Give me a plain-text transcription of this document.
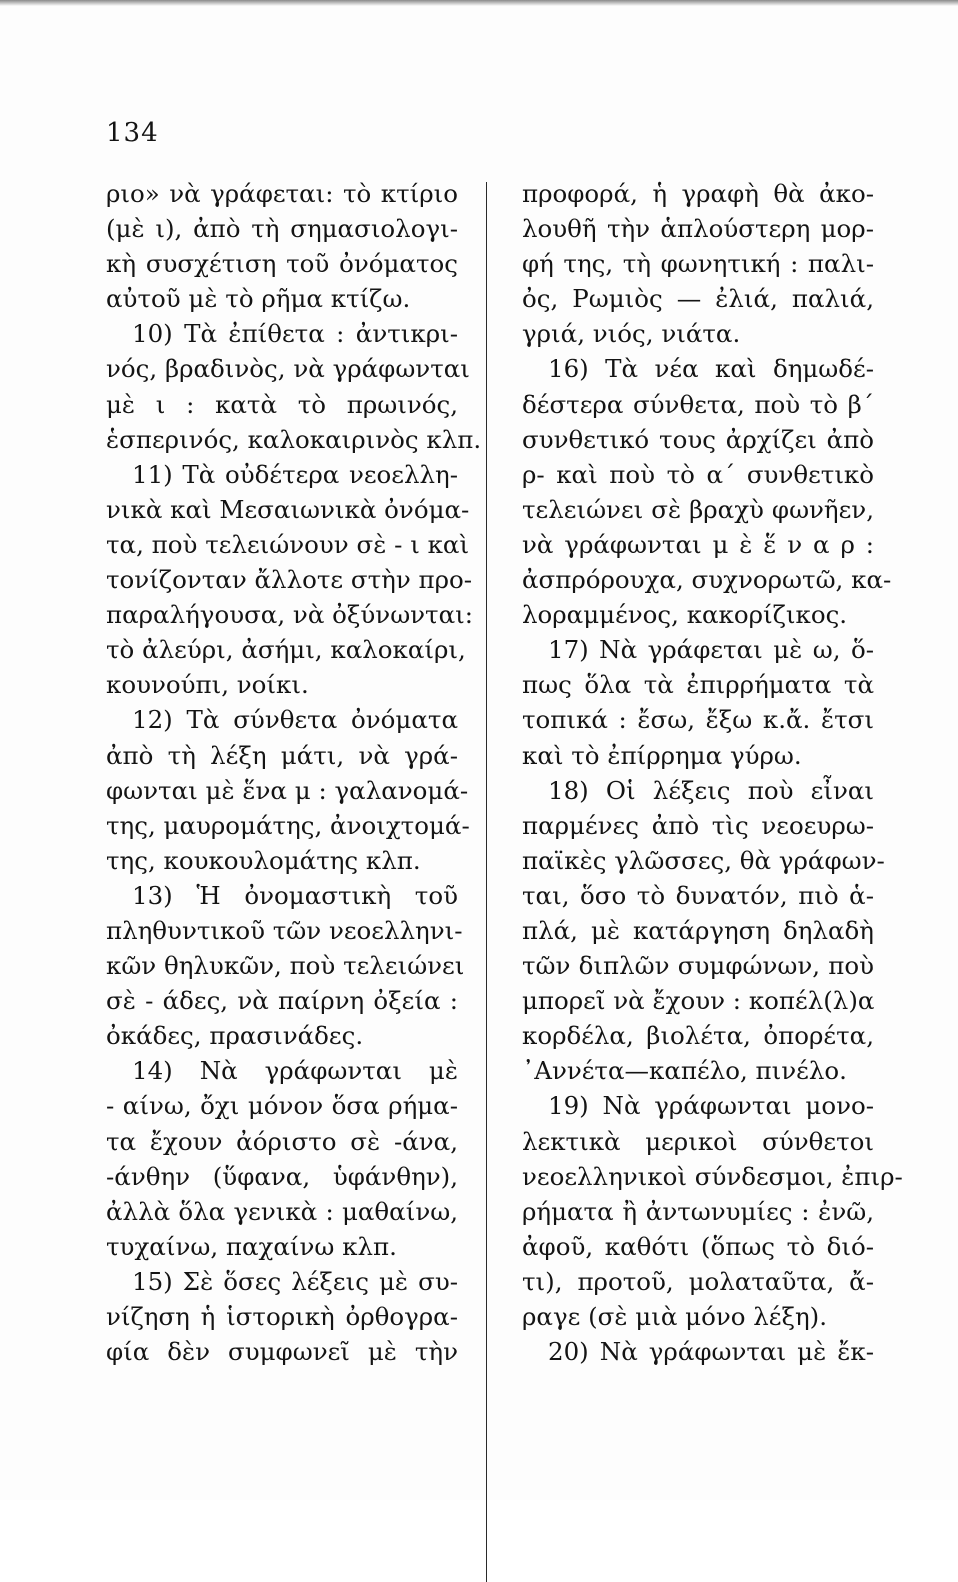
134
ριο» νὰ γράφεται: τὸ κτίριο
(μὲ ι), ἀπὸ τὴ σημασιολογι-
κὴ συσχέτιση τοῦ ὀνόματος
αὐτοῦ μὲ τὸ ρῆμα κτίζω.
10) Τὰ ἐπίθετα : ἀντικρι-
νός, βραδινὸς, νὰ γράφωνται
μὲ ι : κατὰ τὸ πρωινός,
ἑσπερινός, καλοκαιρινὸς κλπ.
11) Τὰ οὐδέτερα νεοελλη-
νικὰ καὶ Μεσαιωνικὰ ὀνόμα-
τα, ποὺ τελειώνουν σὲ - ι καὶ
τονίζονταν ἄλλοτε στὴν προ-
παραλήγουσα, νὰ ὀξύνωνται:
τὸ ἀλεύρι, ἀσήμι, καλοκαίρι,
κουνούπι, νοίκι.
12) Τὰ σύνθετα ὀνόματα
ἀπὸ τὴ λέξη μάτι, νὰ γρά-
φωνται μὲ ἕνα μ : γαλανομά-
της, μαυρομάτης, ἀνοιχτομά-
της, κουκουλομάτης κλπ.
13) Ἡ ὀνομαστικὴ τοῦ
πληθυντικοῦ τῶν νεοελληνι-
κῶν θηλυκῶν, ποὺ τελειώνει
σὲ - άδες, νὰ παίρνη ὀξεία :
ὀκάδες, πρασινάδες.
14) Νὰ γράφωνται μὲ
- αίνω, ὄχι μόνον ὅσα ρήμα-
τα ἔχουν ἀόριστο σὲ -άνα,
-άνθην (ὕφανα, ὑφάνθην),
ἀλλὰ ὅλα γενικὰ : μαθαίνω,
τυχαίνω, παχαίνω κλπ.
15) Σὲ ὅσες λέξεις μὲ συ-
νίζηση ἡ ἱστορικὴ ὀρθογρα-
φία δὲν συμφωνεῖ μὲ τὴν
προφορά, ἡ γραφὴ θὰ ἀκο-
λουθῆ τὴν ἁπλούστερη μορ-
φή της, τὴ φωνητική : παλι-
ὀς, Ρωμιὸς — ἐλιά, παλιά,
γριά, νιός, νιάτα.
16) Τὰ νέα καὶ δημωδέ-
δέστερα σύνθετα, ποὺ τὸ β΄
συνθετικό τους ἀρχίζει ἀπὸ
ρ- καὶ ποὺ τὸ α΄ συνθετικὸ
τελειώνει σὲ βραχὺ φωνῆεν,
νὰ γράφωνται μ ὲ ἕ ν α ρ :
ἀσπρόρουχα, συχνορωτῶ, κα-
λοραμμένος, κακορίζικος.
17) Νὰ γράφεται μὲ ω, ὅ-
πως ὅλα τὰ ἐπιρρήματα τὰ
τοπικά : ἔσω, ἔξω κ.ἄ. ἔτσι
καὶ τὸ ἐπίρρημα γύρω.
18) Οἱ λέξεις ποὺ εἶναι
παρμένες ἀπὸ τὶς νεοευρω-
παϊκὲς γλῶσσες, θὰ γράφων-
ται, ὅσο τὸ δυνατόν, πιὸ ἁ-
πλά, μὲ κατάργηση δηλαδὴ
τῶν διπλῶν συμφώνων, ποὺ
μπορεῖ νὰ ἔχουν : κοπέλ(λ)α
κορδέλα, βιολέτα, ὀπορέτα,
᾿Αννέτα—καπέλο, πινέλο.
19) Νὰ γράφωνται μονο-
λεκτικὰ μερικοὶ σύνθετοι
νεοελληνικοὶ σύνδεσμοι, ἐπιρ-
ρήματα ἢ ἀντωνυμίες : ἐνῶ,
ἀφοῦ, καθότι (ὅπως τὸ διό-
τι), προτοῦ, μολαταῦτα, ἄ-
ραγε (σὲ μιὰ μόνο λέξη).
20) Νὰ γράφωνται μὲ ἔκ-
